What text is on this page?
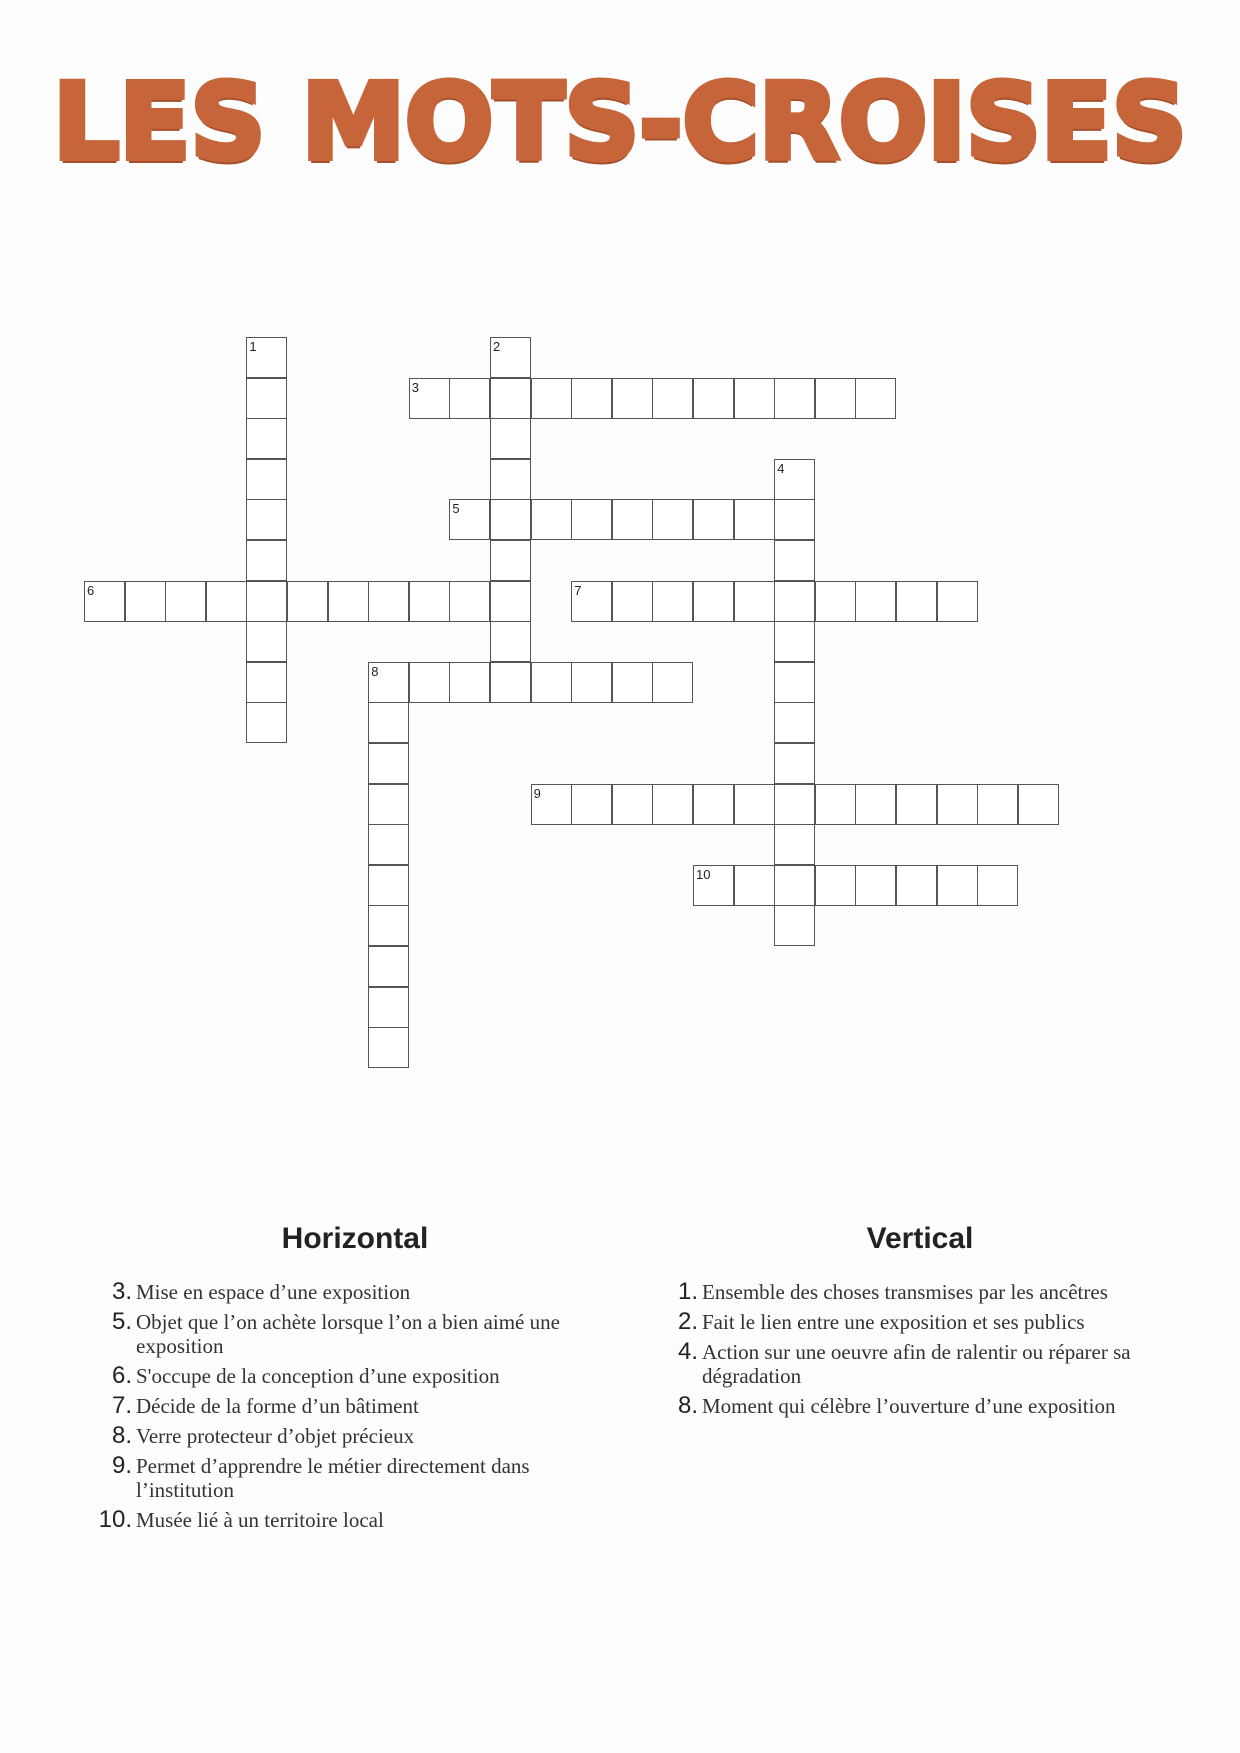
LES MOTS-CROISES
1	2
3
4
5
6	7
8
9
10
Horizontal	Vertical
3. Mise en espace d’une exposition
5. Objet que l’on achète lorsque l’on a bien aimé une exposition
6. S'occupe de la conception d’une exposition
7. Décide de la forme d’un bâtiment
8. Verre protecteur d’objet précieux
9. Permet d’apprendre le métier directement dans l’institution
10. Musée lié à un territoire local
1. Ensemble des choses transmises par les ancêtres
2. Fait le lien entre une exposition et ses publics
4. Action sur une oeuvre afin de ralentir ou réparer sa dégradation
8. Moment qui célèbre l’ouverture d’une exposition
